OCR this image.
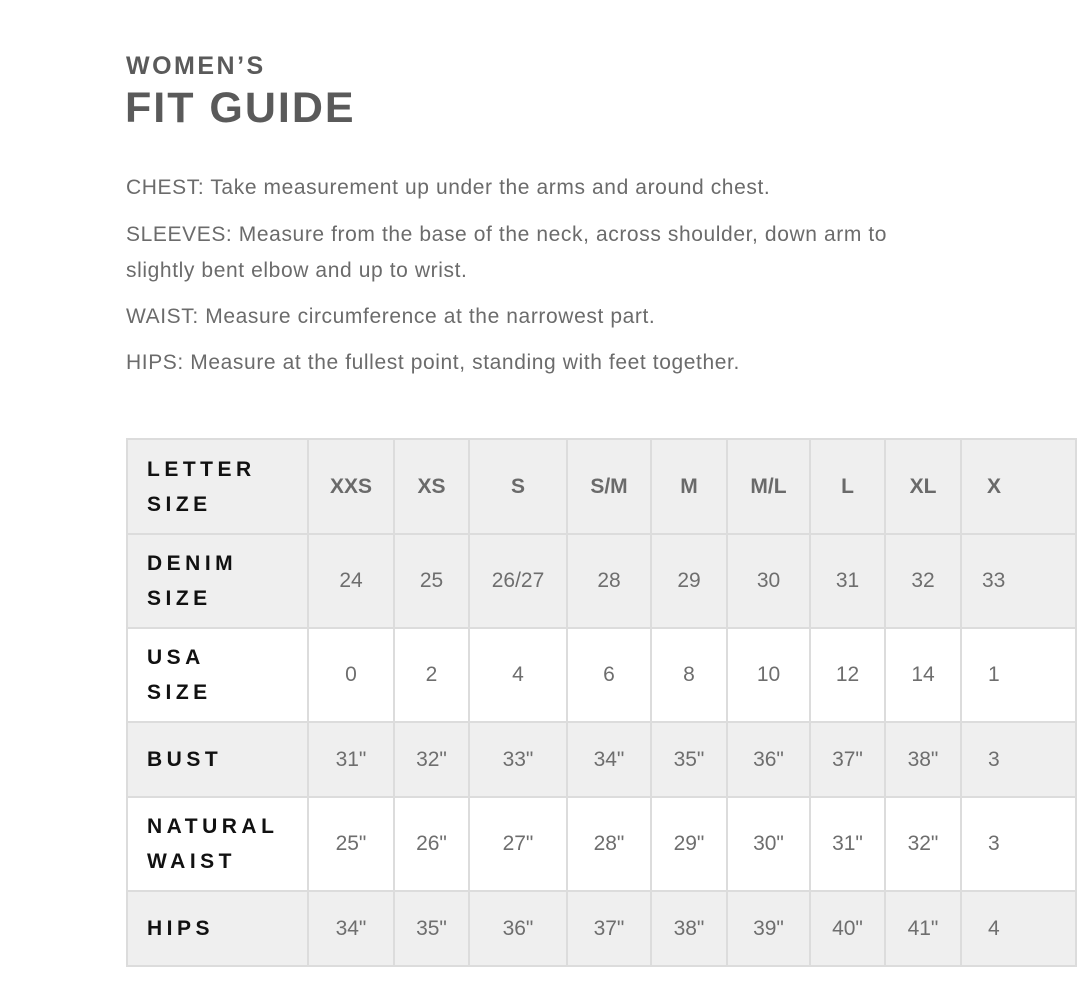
WOMEN’S
FIT GUIDE
CHEST: Take measurement up under the arms and around chest.
SLEEVES: Measure from the base of the neck, across shoulder, down arm to
slightly bent elbow and up to wrist.
WAIST: Measure circumference at the narrowest part.
HIPS: Measure at the fullest point, standing with feet together.
LETTER
SIZE	XXS	XS	S	S/M	M	M/L	L	XL	X
DENIM
SIZE	24	25	26/27	28	29	30	31	32	33
USA
SIZE	0	2	4	6	8	10	12	14	1
BUST	31"	32"	33"	34"	35"	36"	37"	38"	3
NATURAL
WAIST	25"	26"	27"	28"	29"	30"	31"	32"	3
HIPS	34"	35"	36"	37"	38"	39"	40"	41"	4
